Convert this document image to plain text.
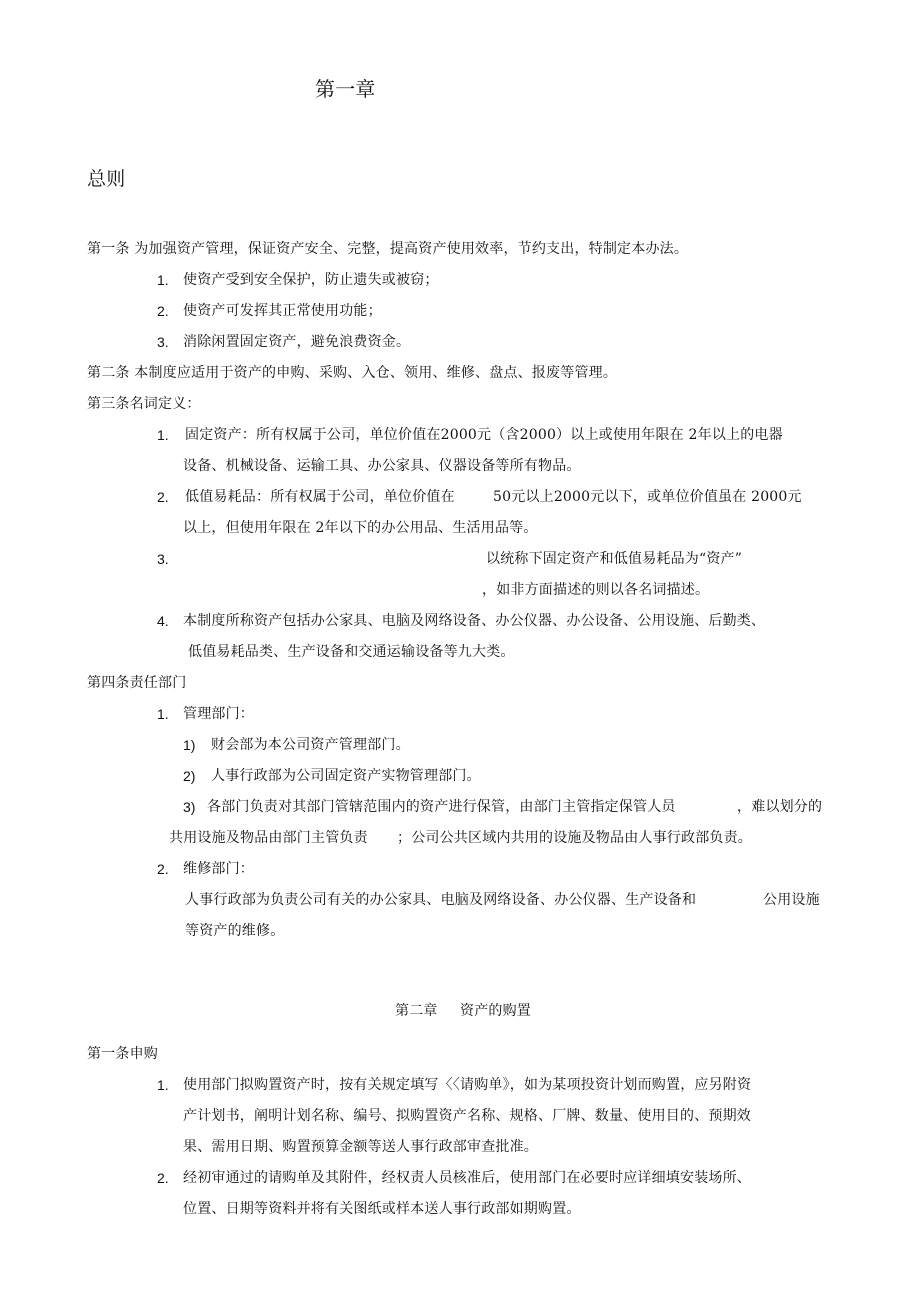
第一章
总则
第一条 为加强资产管理，保证资产安全、完整，提高资产使用效率，节约支出，特制定本办法。
1. 使资产受到安全保护，防止遗失或被窃；
2. 使资产可发挥其正常使用功能；
3. 消除闲置固定资产，避免浪费资金。
第二条 本制度应适用于资产的申购、采购、入仓、领用、维修、盘点、报废等管理。
第三条名词定义：
1. 固定资产：所有权属于公司，单位价值在2000元（含2000）以上或使用年限在 2年以上的电器
设备、机械设备、运输工具、办公家具、仪器设备等所有物品。
2. 低值易耗品：所有权属于公司，单位价值在	50元以上2000元以下，或单位价值虽在 2000元
以上，但使用年限在 2年以下的办公用品、生活用品等。
3.	以统称下固定资产和低值易耗品为“资产”
，如非方面描述的则以各名词描述。
4. 本制度所称资产包括办公家具、电脑及网络设备、办公仪器、办公设备、公用设施、后勤类、
低值易耗品类、生产设备和交通运输设备等九大类。
第四条责任部门
1. 管理部门：
1) 财会部为本公司资产管理部门。
2) 人事行政部为公司固定资产实物管理部门。
3) 各部门负责对其部门管辖范围内的资产进行保管，由部门主管指定保管人员	，难以划分的
共用设施及物品由部门主管负责 ；公司公共区域内共用的设施及物品由人事行政部负责。
2. 维修部门：
人事行政部为负责公司有关的办公家具、电脑及网络设备、办公仪器、生产设备和	公用设施
等资产的维修。
第二章 资产的购置
第一条申购
1. 使用部门拟购置资产时，按有关规定填写〈〈请购单》，如为某项投资计划而购置，应另附资
产计划书，阐明计划名称、编号、拟购置资产名称、规格、厂牌、数量、使用目的、预期效
果、需用日期、购置预算金额等送人事行政部审查批准。
2. 经初审通过的请购单及其附件，经权责人员核准后，使用部门在必要时应详细填安装场所、
位置、日期等资料并将有关图纸或样本送人事行政部如期购置。
